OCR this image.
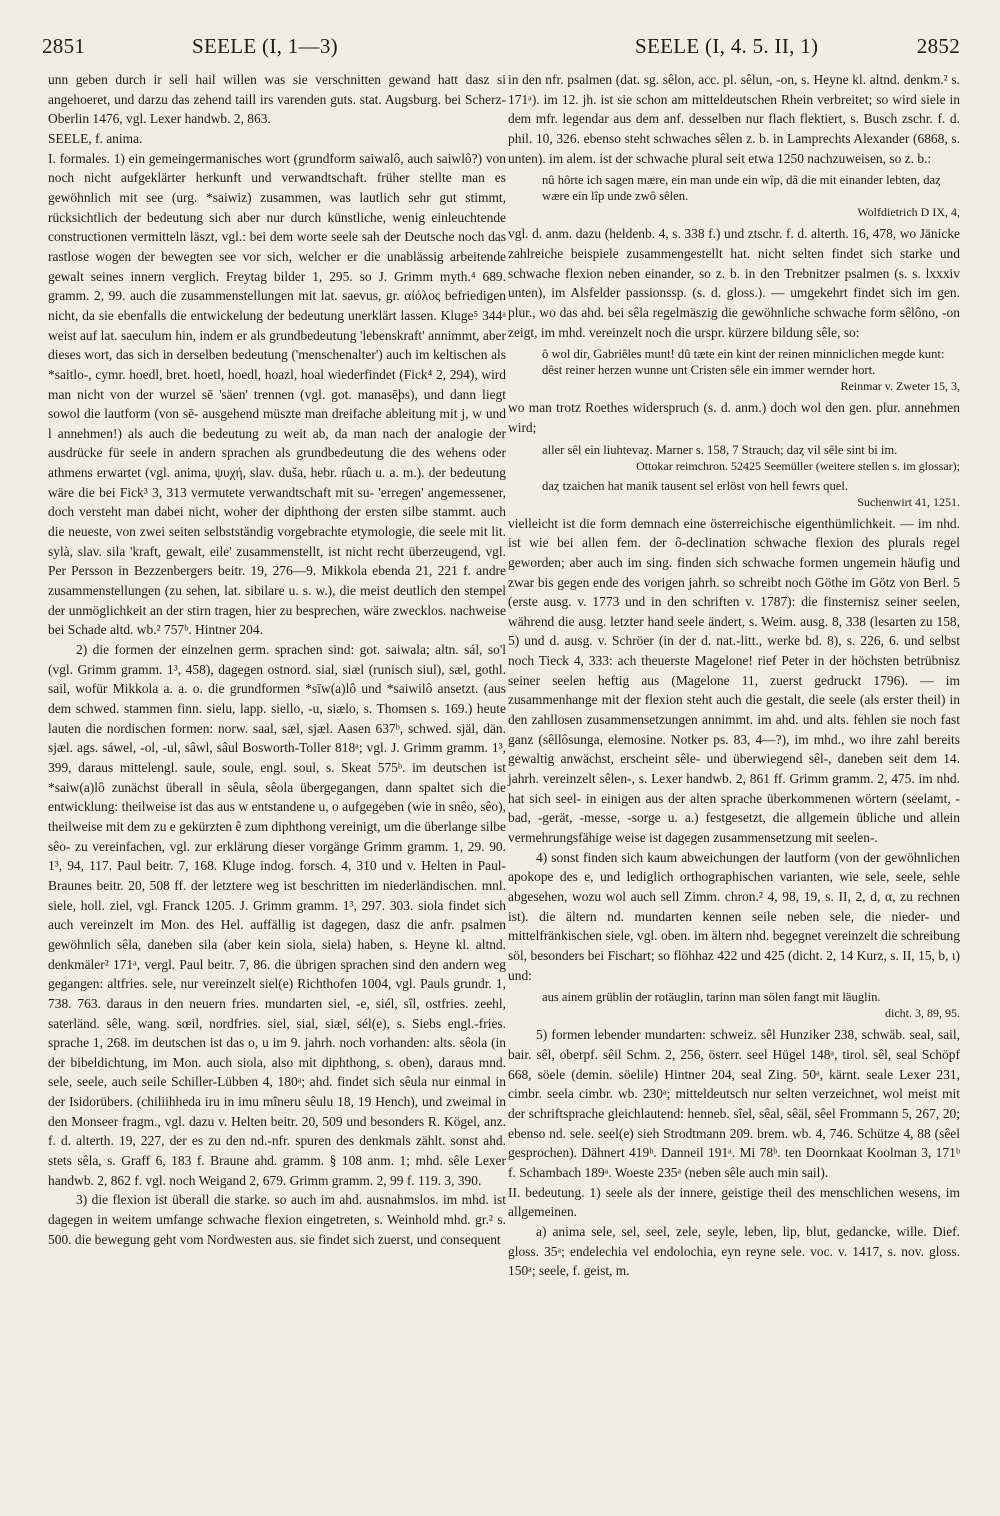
2851	SEELE (I, 1—3)	SEELE (I, 4. 5. II, 1)	2852

unn geben durch ir sell hail willen was sie verschnitten gewand hatt dasz si angehoeret, und darzu das zehend taill irs varenden guts. stat. Augsburg. bei Scherz-Oberlin 1476, vgl. Lexer handwb. 2, 863.

SEELE, f. anima.

I. formales. 1) ein gemeingermanisches wort (grundform saiwalô, auch saiwlô?) von noch nicht aufgeklärter herkunft und verwandtschaft. früher stellte man es gewöhnlich mit see (urg. *saiwiz) zusammen, was lautlich sehr gut stimmt, rücksichtlich der bedeutung sich aber nur durch künstliche, wenig einleuchtende constructionen vermitteln läszt, vgl.: bei dem worte seele sah der Deutsche noch das rastlose wogen der bewegten see vor sich, welcher er die unablässig arbeitende gewalt seines innern verglich. Freytag bilder 1, 295. so J. Grimm myth.⁴ 689. gramm. 2, 99. auch die zusammenstellungen mit lat. saevus, gr. αἰόλος befriedigen nicht, da sie ebenfalls die entwickelung der bedeutung unerklärt lassen. Kluge⁵ 344ᵃ weist auf lat. saeculum hin, indem er als grundbedeutung 'lebenskraft' annimmt, aber dieses wort, das sich in derselben bedeutung ('menschenalter') auch im keltischen als *saitlo-, cymr. hoedl, bret. hoetl, hoedl, hoazl, hoal wiederfindet (Fick⁴ 2, 294), wird man nicht von der wurzel sē 'säen' trennen (vgl. got. manasēþs), und dann liegt sowol die lautform (von sē- ausgehend müszte man dreifache ableitung mit j, w und l annehmen!) als auch die bedeutung zu weit ab, da man nach der analogie der ausdrücke für seele in andern sprachen als grundbedeutung die des wehens oder athmens erwartet (vgl. anima, ψυχή, slav. duša, hebr. rûach u. a. m.). der bedeutung wäre die bei Fick³ 3, 313 vermutete verwandtschaft mit su- 'erregen' angemessener, doch versteht man dabei nicht, woher der diphthong der ersten silbe stammt. auch die neueste, von zwei seiten selbstständig vorgebrachte etymologie, die seele mit lit. sylà, slav. sila 'kraft, gewalt, eile' zusammenstellt, ist nicht recht überzeugend, vgl. Per Persson in Bezzenbergers beitr. 19, 276—9. Mikkola ebenda 21, 221 f. andre zusammenstellungen (zu sehen, lat. sibilare u. s. w.), die meist deutlich den stempel der unmöglichkeit an der stirn tragen, hier zu besprechen, wäre zwecklos. nachweise bei Schade altd. wb.² 757ᵇ. Hintner 204.

2) die formen der einzelnen germ. sprachen sind: got. saiwala; altn. sál, so'l (vgl. Grimm gramm. 1³, 458), dagegen ostnord. sial, siæl (runisch siul), sæl, gothl. sail, wofür Mikkola a. a. o. die grundformen *sīw(a)lô und *saiwilô ansetzt. (aus dem schwed. stammen finn. sielu, lapp. siello, -u, siælo, s. Thomsen s. 169.) heute lauten die nordischen formen: norw. saal, sæl, sjæl. Aasen 637ᵇ, schwed. själ, dän. sjæl. ags. sáwel, -ol, -ul, sâwl, sâul Bosworth-Toller 818ᵃ; vgl. J. Grimm gramm. 1³, 399, daraus mittelengl. saule, soule, engl. soul, s. Skeat 575ᵇ. im deutschen ist *saiw(a)lô zunächst überall in sêula, sêola übergegangen, dann spaltet sich die entwicklung: theilweise ist das aus w entstandene u, o aufgegeben (wie in snêo, sêo), theilweise mit dem zu e gekürzten ê zum diphthong vereinigt, um die überlange silbe sêo- zu vereinfachen, vgl. zur erklärung dieser vorgänge Grimm gramm. 1, 29. 90. 1³, 94, 117. Paul beitr. 7, 168. Kluge indog. forsch. 4, 310 und v. Helten in Paul-Braunes beitr. 20, 508 ff. der letztere weg ist beschritten im niederländischen. mnl. siele, holl. ziel, vgl. Franck 1205. J. Grimm gramm. 1³, 297. 303. siola findet sich auch vereinzelt im Mon. des Hel. auffällig ist dagegen, dasz die anfr. psalmen gewöhnlich sêla, daneben sila (aber kein siola, siela) haben, s. Heyne kl. altnd. denkmäler² 171ᵃ, vergl. Paul beitr. 7, 86. die übrigen sprachen sind den andern weg gegangen: altfries. sele, nur vereinzelt siel(e) Richthofen 1004, vgl. Pauls grundr. 1, 738. 763. daraus in den neuern fries. mundarten siel, -e, siél, sîl, ostfries. zeehl, saterländ. sêle, wang. sœil, nordfries. siel, sial, siæl, sél(e), s. Siebs engl.-fries. sprache 1, 268. im deutschen ist das o, u im 9. jahrh. noch vorhanden: alts. sêola (in der bibeldichtung, im Mon. auch siola, also mit diphthong, s. oben), daraus mnd. sele, seele, auch seile Schiller-Lübben 4, 180ᵃ; ahd. findet sich sêula nur einmal in der Isidorübers. (chiliihheda iru in imu mîneru sêulu 18, 19 Hench), und zweimal in den Monseer fragm., vgl. dazu v. Helten beitr. 20, 509 und besonders R. Kögel, anz. f. d. alterth. 19, 227, der es zu den nd.-nfr. spuren des denkmals zählt. sonst ahd. stets sêla, s. Graff 6, 183 f. Braune ahd. gramm. § 108 anm. 1; mhd. sêle Lexer handwb. 2, 862 f. vgl. noch Weigand 2, 679. Grimm gramm. 2, 99 f. 119. 3, 390.

3) die flexion ist überall die starke. so auch im ahd. ausnahmslos. im mhd. ist dagegen in weitem umfange schwache flexion eingetreten, s. Weinhold mhd. gr.² s. 500. die bewegung geht vom Nordwesten aus. sie findet sich zuerst, und consequent

in den nfr. psalmen (dat. sg. sêlon, acc. pl. sêlun, -on, s. Heyne kl. altnd. denkm.² s. 171ᵃ). im 12. jh. ist sie schon am mitteldeutschen Rhein verbreitet; so wird siele in dem mfr. legendar aus dem anf. desselben nur flach flektiert, s. Busch zschr. f. d. phil. 10, 326. ebenso steht schwaches sêlen z. b. in Lamprechts Alexander (6868, s. unten). im alem. ist der schwache plural seit etwa 1250 nachzuweisen, so z. b.:

nû hôrte ich sagen mære, ein man unde ein wîp, dâ die mit einander lebten, daȥ wære ein lîp unde zwô sêlen.
Wolfdietrich D IX, 4,

vgl. d. anm. dazu (heldenb. 4, s. 338 f.) und ztschr. f. d. alterth. 16, 478, wo Jänicke zahlreiche beispiele zusammengestellt hat. nicht selten findet sich starke und schwache flexion neben einander, so z. b. in den Trebnitzer psalmen (s. s. lxxxiv unten), im Alsfelder passionssp. (s. d. gloss.). — umgekehrt findet sich im gen. plur., wo das ahd. bei sêla regelmäszig die gewöhnliche schwache form sêlôno, -on zeigt, im mhd. vereinzelt noch die urspr. kürzere bildung sêle, so:

ô wol dir, Gabriêles munt! dû tæte ein kint der reinen minniclichen megde kunt: dêst reiner herzen wunne unt Cristen sêle ein immer wernder hort.
Reinmar v. Zweter 15, 3,

wo man trotz Roethes widerspruch (s. d. anm.) doch wol den gen. plur. annehmen wird;

aller sêl ein liuhtevaȥ. Marner s. 158, 7 Strauch; daȥ vil sêle sint bi im.
Ottokar reimchron. 52425 Seemüller (weitere stellen s. im glossar);
daȥ tzaichen hat manik tausent sel erlöst von hell fewrs quel.
Suchenwirt 41, 1251.

vielleicht ist die form demnach eine österreichische eigenthümlichkeit. — im nhd. ist wie bei allen fem. der ô-declination schwache flexion des plurals regel geworden; aber auch im sing. finden sich schwache formen ungemein häufig und zwar bis gegen ende des vorigen jahrh. so schreibt noch Göthe im Götz von Berl. 5 (erste ausg. v. 1773 und in den schriften v. 1787): die finsternisz seiner seelen, während die ausg. letzter hand seele ändert, s. Weim. ausg. 8, 338 (lesarten zu 158, 5) und d. ausg. v. Schröer (in der d. nat.-litt., werke bd. 8), s. 226, 6. und selbst noch Tieck 4, 333: ach theuerste Magelone! rief Peter in der höchsten betrübnisz seiner seelen heftig aus (Magelone 11, zuerst gedruckt 1796). — im zusammenhange mit der flexion steht auch die gestalt, die seele (als erster theil) in den zahllosen zusammensetzungen annimmt. im ahd. und alts. fehlen sie noch fast ganz (sêllôsunga, elemosine. Notker ps. 83, 4—?), im mhd., wo ihre zahl bereits gewaltig anwächst, erscheint sêle- und überwiegend sêl-, daneben seit dem 14. jahrh. vereinzelt sêlen-, s. Lexer handwb. 2, 861 ff. Grimm gramm. 2, 475. im nhd. hat sich seel- in einigen aus der alten sprache überkommenen wörtern (seelamt, -bad, -gerät, -messe, -sorge u. a.) festgesetzt, die allgemein übliche und allein vermehrungsfähige weise ist dagegen zusammensetzung mit seelen-.

4) sonst finden sich kaum abweichungen der lautform (von der gewöhnlichen apokope des e, und lediglich orthographischen varianten, wie sele, seele, sehle abgesehen, wozu wol auch sell Zimm. chron.² 4, 98, 19, s. II, 2, d, α, zu rechnen ist). die ältern nd. mundarten kennen seile neben sele, die nieder- und mittelfränkischen siele, vgl. oben. im ältern nhd. begegnet vereinzelt die schreibung söl, besonders bei Fischart; so flöhhaz 422 und 425 (dicht. 2, 14 Kurz, s. II, 15, b, ι) und:

aus ainem grüblin der rotäuglin, tarinn man sölen fangt mit läuglin.
dicht. 3, 89, 95.

5) formen lebender mundarten: schweiz. sêl Hunziker 238, schwäb. seal, sail, bair. sêl, oberpf. sêil Schm. 2, 256, österr. seel Hügel 148ᵃ, tirol. sêl, seal Schöpf 668, söele (demin. söelile) Hintner 204, seal Zing. 50ᵃ, kärnt. seale Lexer 231, cimbr. seela cimbr. wb. 230ᵃ; mitteldeutsch nur selten verzeichnet, wol meist mit der schriftsprache gleichlautend: henneb. sîel, sêal, sêäl, sêel Frommann 5, 267, 20; ebenso nd. sele. seel(e) sieh Strodtmann 209. brem. wb. 4, 746. Schütze 4, 88 (sêel gesprochen). Dähnert 419ᵇ. Danneil 191ᵃ. Mi 78ᵇ. ten Doornkaat Koolman 3, 171ᵇ f. Schambach 189ᵃ. Woeste 235ᵃ (neben sêle auch min sail).

II. bedeutung. 1) seele als der innere, geistige theil des menschlichen wesens, im allgemeinen.

a) anima sele, sel, seel, zele, seyle, leben, lip, blut, gedancke, wille. Dief. gloss. 35ᵃ; endelechia vel endolochia, eyn reyne sele. voc. v. 1417, s. nov. gloss. 150ᵃ; seele, f. geist, m.
